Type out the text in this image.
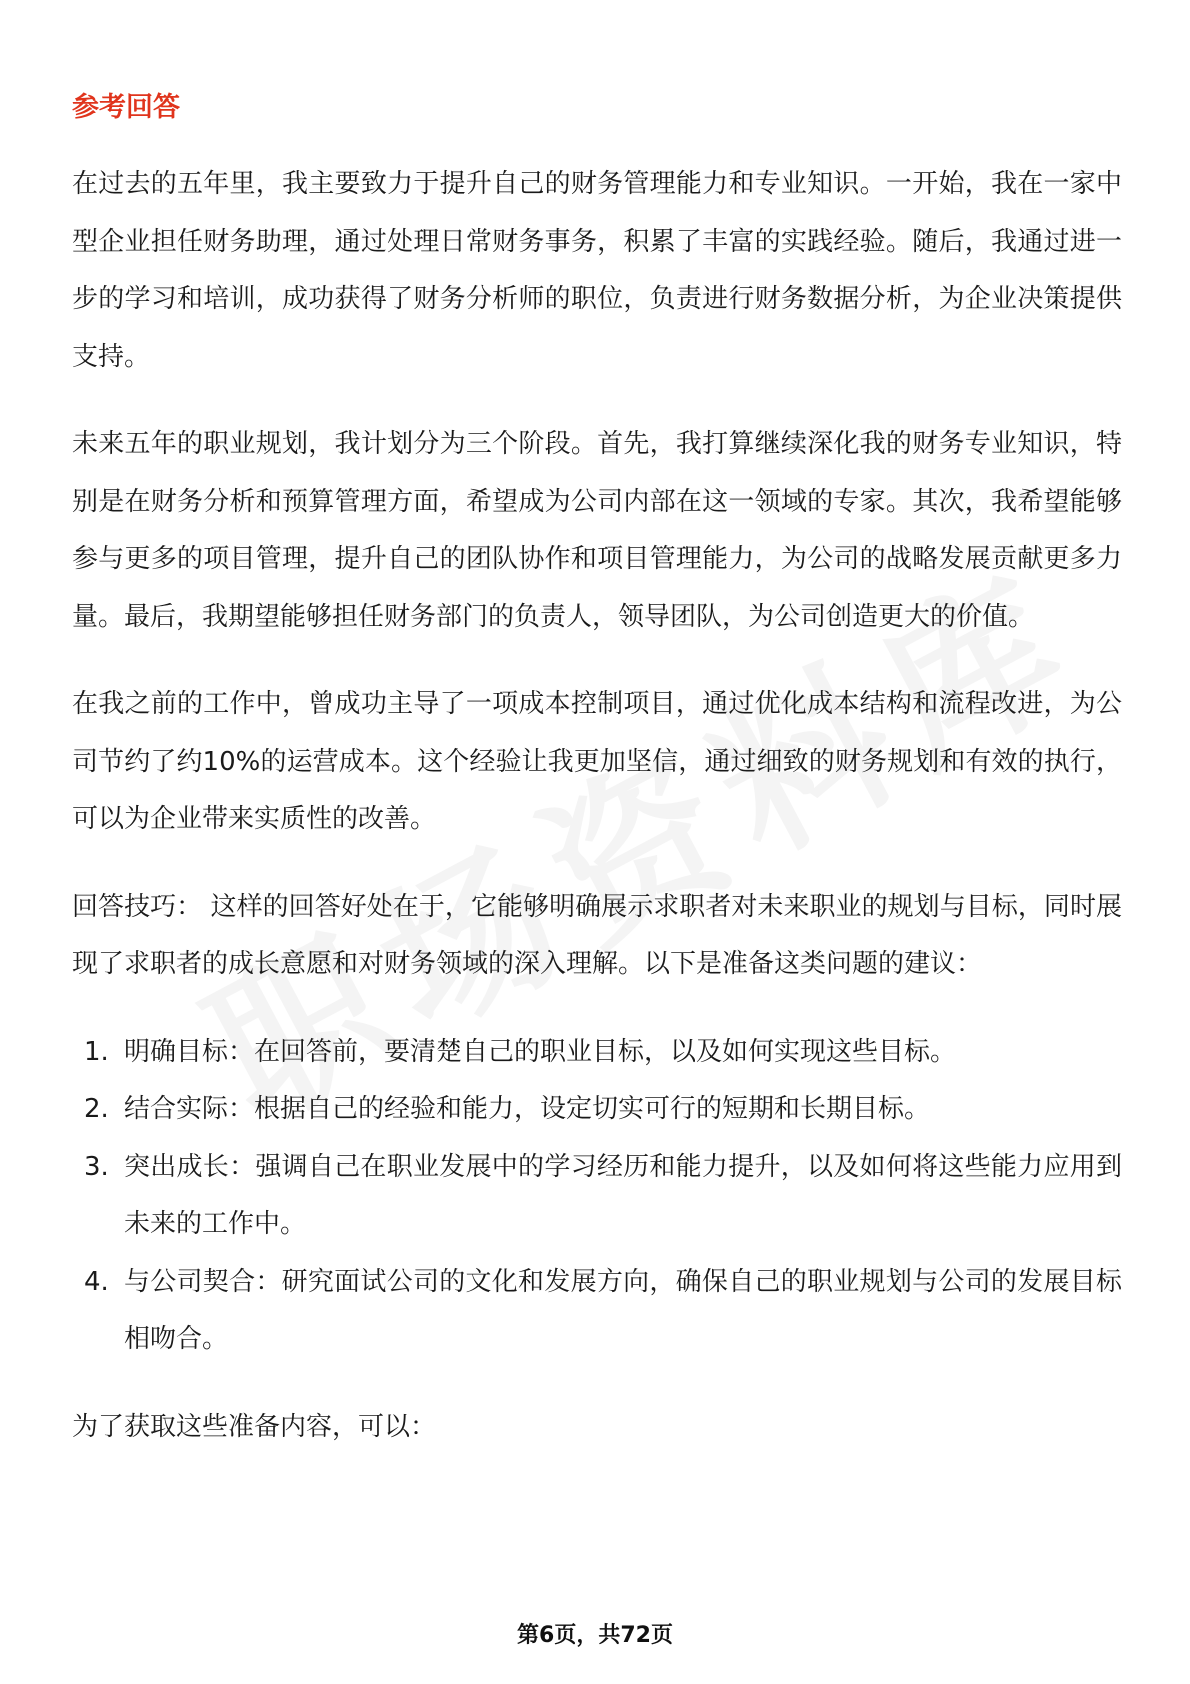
参考回答

在过去的五年里，我主要致力于提升自己的财务管理能力和专业知识。一开始，我在一家中型企业担任财务助理，通过处理日常财务事务，积累了丰富的实践经验。随后，我通过进一步的学习和培训，成功获得了财务分析师的职位，负责进行财务数据分析，为企业决策提供支持。

未来五年的职业规划，我计划分为三个阶段。首先，我打算继续深化我的财务专业知识，特别是在财务分析和预算管理方面，希望成为公司内部在这一领域的专家。其次，我希望能够参与更多的项目管理，提升自己的团队协作和项目管理能力，为公司的战略发展贡献更多力量。最后，我期望能够担任财务部门的负责人，领导团队，为公司创造更大的价值。

在我之前的工作中，曾成功主导了一项成本控制项目，通过优化成本结构和流程改进，为公司节约了约10%的运营成本。这个经验让我更加坚信，通过细致的财务规划和有效的执行，可以为企业带来实质性的改善。

回答技巧： 这样的回答好处在于，它能够明确展示求职者对未来职业的规划与目标，同时展现了求职者的成长意愿和对财务领域的深入理解。以下是准备这类问题的建议：

1. 明确目标：在回答前，要清楚自己的职业目标，以及如何实现这些目标。
2. 结合实际：根据自己的经验和能力，设定切实可行的短期和长期目标。
3. 突出成长：强调自己在职业发展中的学习经历和能力提升，以及如何将这些能力应用到未来的工作中。
4. 与公司契合：研究面试公司的文化和发展方向，确保自己的职业规划与公司的发展目标相吻合。

为了获取这些准备内容，可以：

第6页，共72页
